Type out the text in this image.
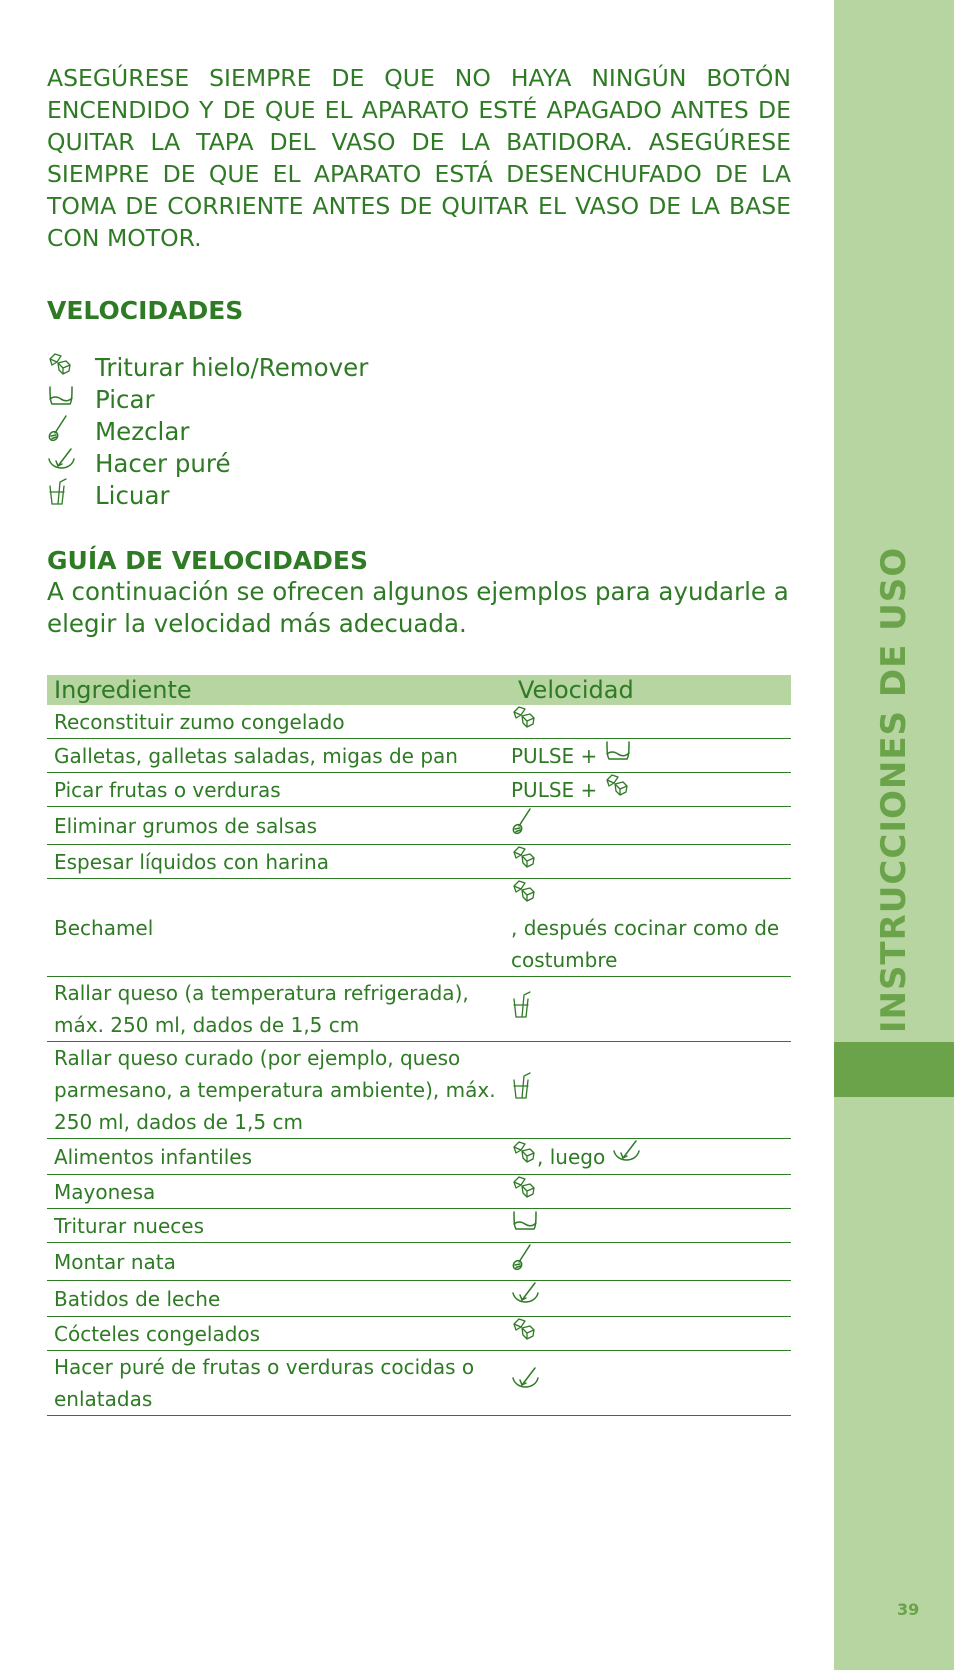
ASEGÚRESE SIEMPRE DE QUE NO HAYA NINGÚN BOTÓN ENCENDIDO Y DE QUE EL APARATO ESTÉ APAGADO ANTES DE QUITAR LA TAPA DEL VASO DE LA BATIDORA. ASEGÚRESE SIEMPRE DE QUE EL APARATO ESTÁ DESENCHUFADO DE LA TOMA DE CORRIENTE ANTES DE QUITAR EL VASO DE LA BASE CON MOTOR.

VELOCIDADES
Triturar hielo/Remover
Picar
Mezclar
Hacer puré
Licuar
GUÍA DE VELOCIDADES

A continuación se ofrecen algunos ejemplos para ayudarle a elegir la velocidad más adecuada.

Ingrediente	Velocidad
Reconstituir zumo congelado
Galletas, galletas saladas, migas de pan	PULSE +
Picar frutas o verduras	PULSE +
Eliminar grumos de salsas
Espesar líquidos con harina
Bechamel	, después cocinar como de costumbre
Rallar queso (a temperatura refrigerada), máx. 250 ml, dados de 1,5 cm
Rallar queso curado (por ejemplo, queso parmesano, a temperatura ambiente), máx. 250 ml, dados de 1,5 cm
Alimentos infantiles	, luego
Mayonesa
Triturar nueces
Montar nata
Batidos de leche
Cócteles congelados
Hacer puré de frutas o verduras cocidas o enlatadas
INSTRUCCIONES DE USO
39
